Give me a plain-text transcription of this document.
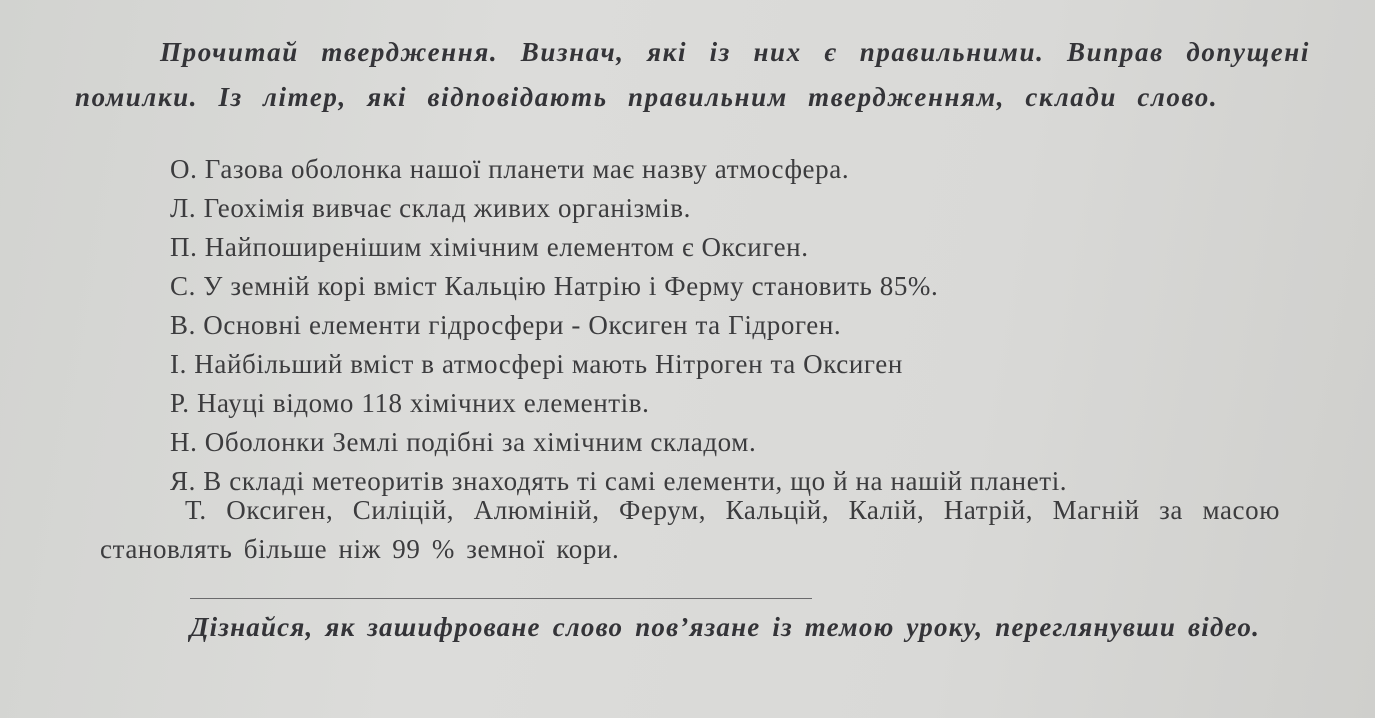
Прочитай твердження. Визнач, які із них є правильними. Виправ допущені помилки. Із літер, які відповідають правильним твердженням, склади слово.

О. Газова оболонка нашої планети має назву атмосфера.
Л. Геохімія вивчає склад живих організмів.
П. Найпоширенішим хімічним елементом є Оксиген.
С. У земній корі вміст Кальцію Натрію і Ферму становить 85%.
В. Основні елементи гідросфери - Оксиген та Гідроген.
І. Найбільший вміст в атмосфері мають Нітроген та Оксиген
Р. Науці відомо 118 хімічних елементів.
Н. Оболонки Землі подібні за хімічним складом.
Я. В складі метеоритів знаходять ті самі елементи, що й на нашій планеті.

Т. Оксиген, Силіцій, Алюміній, Ферум, Кальцій, Калій, Натрій, Магній за масою становлять більше ніж 99 % земної кори.

Дізнайся, як зашифроване слово пов’язане із темою уроку, переглянувши відео.
